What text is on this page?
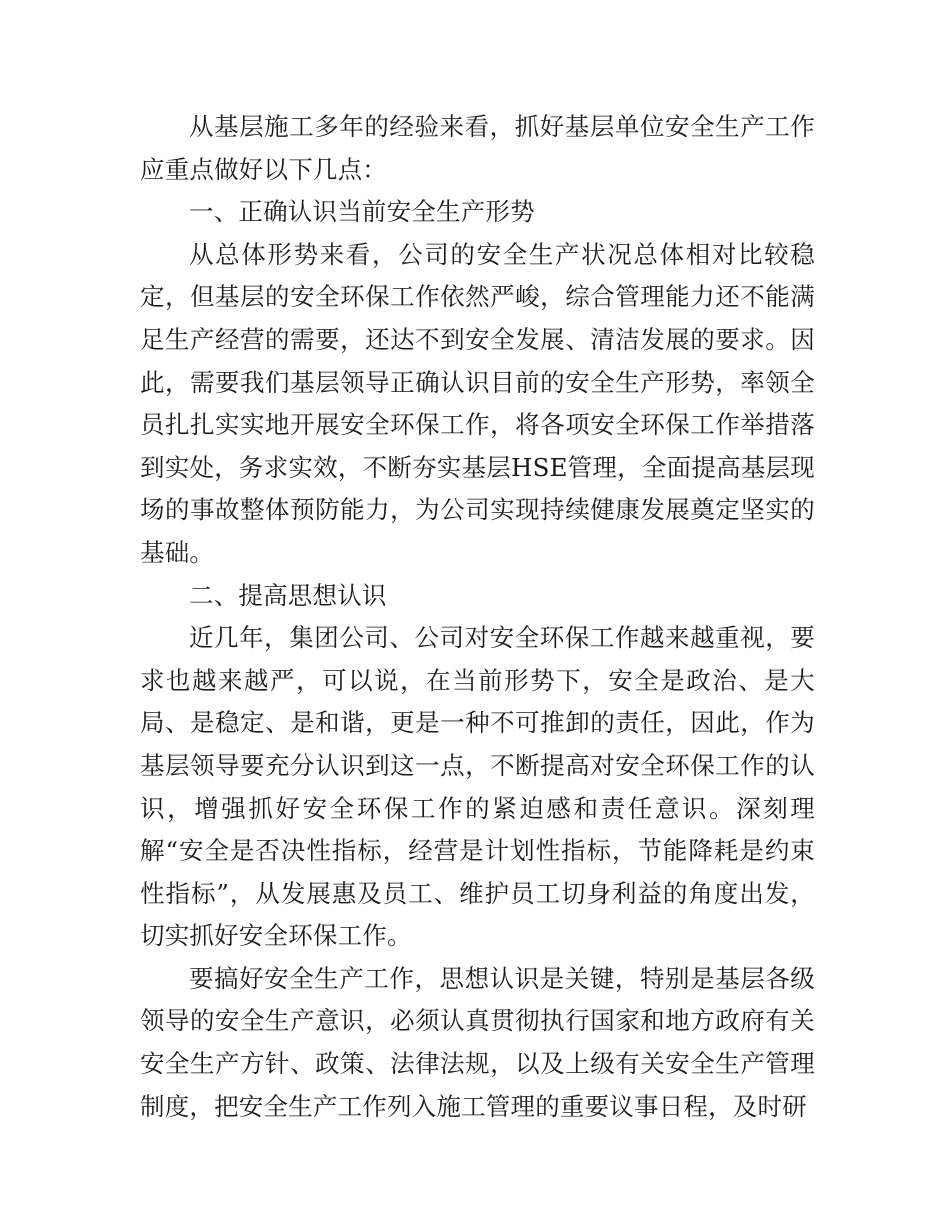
从基层施工多年的经验来看，抓好基层单位安全生产工作应重点做好以下几点：

一、正确认识当前安全生产形势

从总体形势来看，公司的安全生产状况总体相对比较稳定，但基层的安全环保工作依然严峻，综合管理能力还不能满足生产经营的需要，还达不到安全发展、清洁发展的要求。因此，需要我们基层领导正确认识目前的安全生产形势，率领全员扎扎实实地开展安全环保工作，将各项安全环保工作举措落到实处，务求实效，不断夯实基层HSE管理，全面提高基层现场的事故整体预防能力，为公司实现持续健康发展奠定坚实的基础。

二、提高思想认识

近几年，集团公司、公司对安全环保工作越来越重视，要求也越来越严，可以说，在当前形势下，安全是政治、是大局、是稳定、是和谐，更是一种不可推卸的责任，因此，作为基层领导要充分认识到这一点，不断提高对安全环保工作的认识，增强抓好安全环保工作的紧迫感和责任意识。深刻理解“安全是否决性指标，经营是计划性指标，节能降耗是约束性指标”，从发展惠及员工、维护员工切身利益的角度出发，切实抓好安全环保工作。

要搞好安全生产工作，思想认识是关键，特别是基层各级领导的安全生产意识，必须认真贯彻执行国家和地方政府有关安全生产方针、政策、法律法规，以及上级有关安全生产管理制度，把安全生产工作列入施工管理的重要议事日程，及时研
